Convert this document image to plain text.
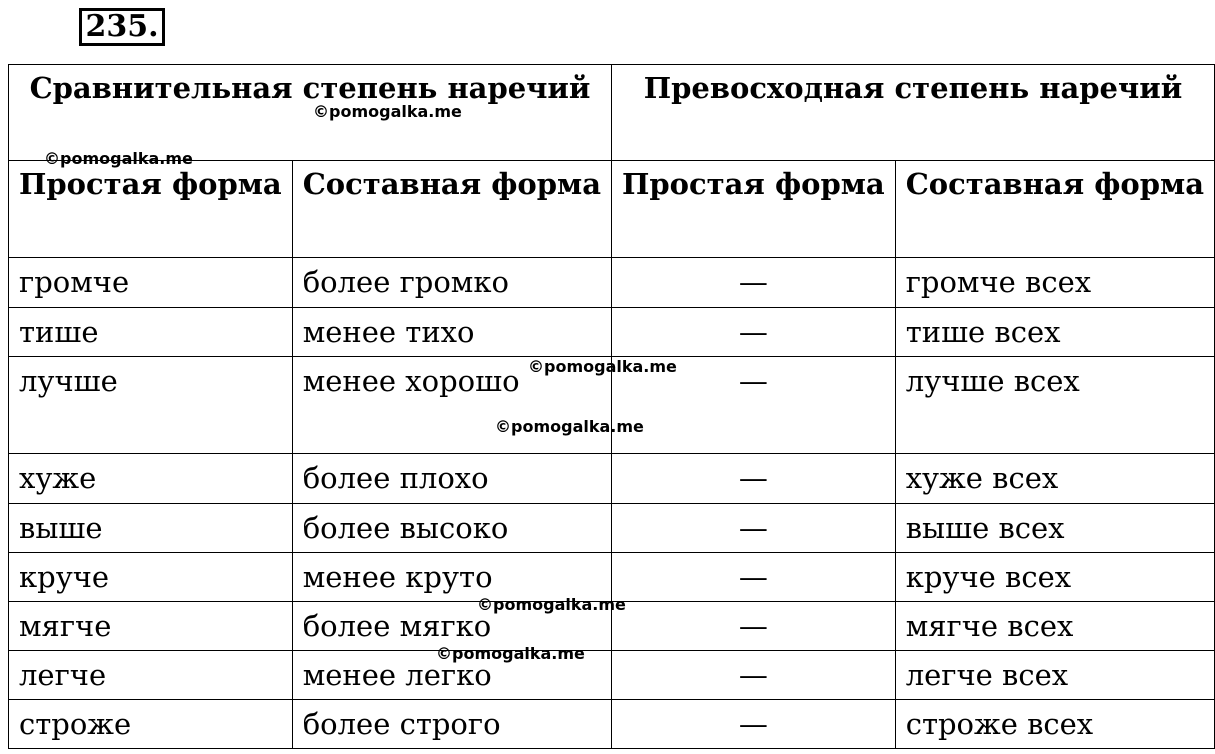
235.
Сравнительная степень наречий		Превосходная степень наречий	
Простая форма	Составная форма	Простая форма	Составная форма
громче	более громко	—	громче всех
тише	менее тихо	—	тише всех
лучше	менее хорошо	—	лучше всех
хуже	более плохо	—	хуже всех
выше	более высоко	—	выше всех
круче	менее круто	—	круче всех
мягче	более мягко	—	мягче всех
легче	менее легко	—	легче всех
строже	более строго	—	строже всех
©pomogalka.me
©pomogalka.me
©pomogalka.me
©pomogalka.me
©pomogalka.me
©pomogalka.me
